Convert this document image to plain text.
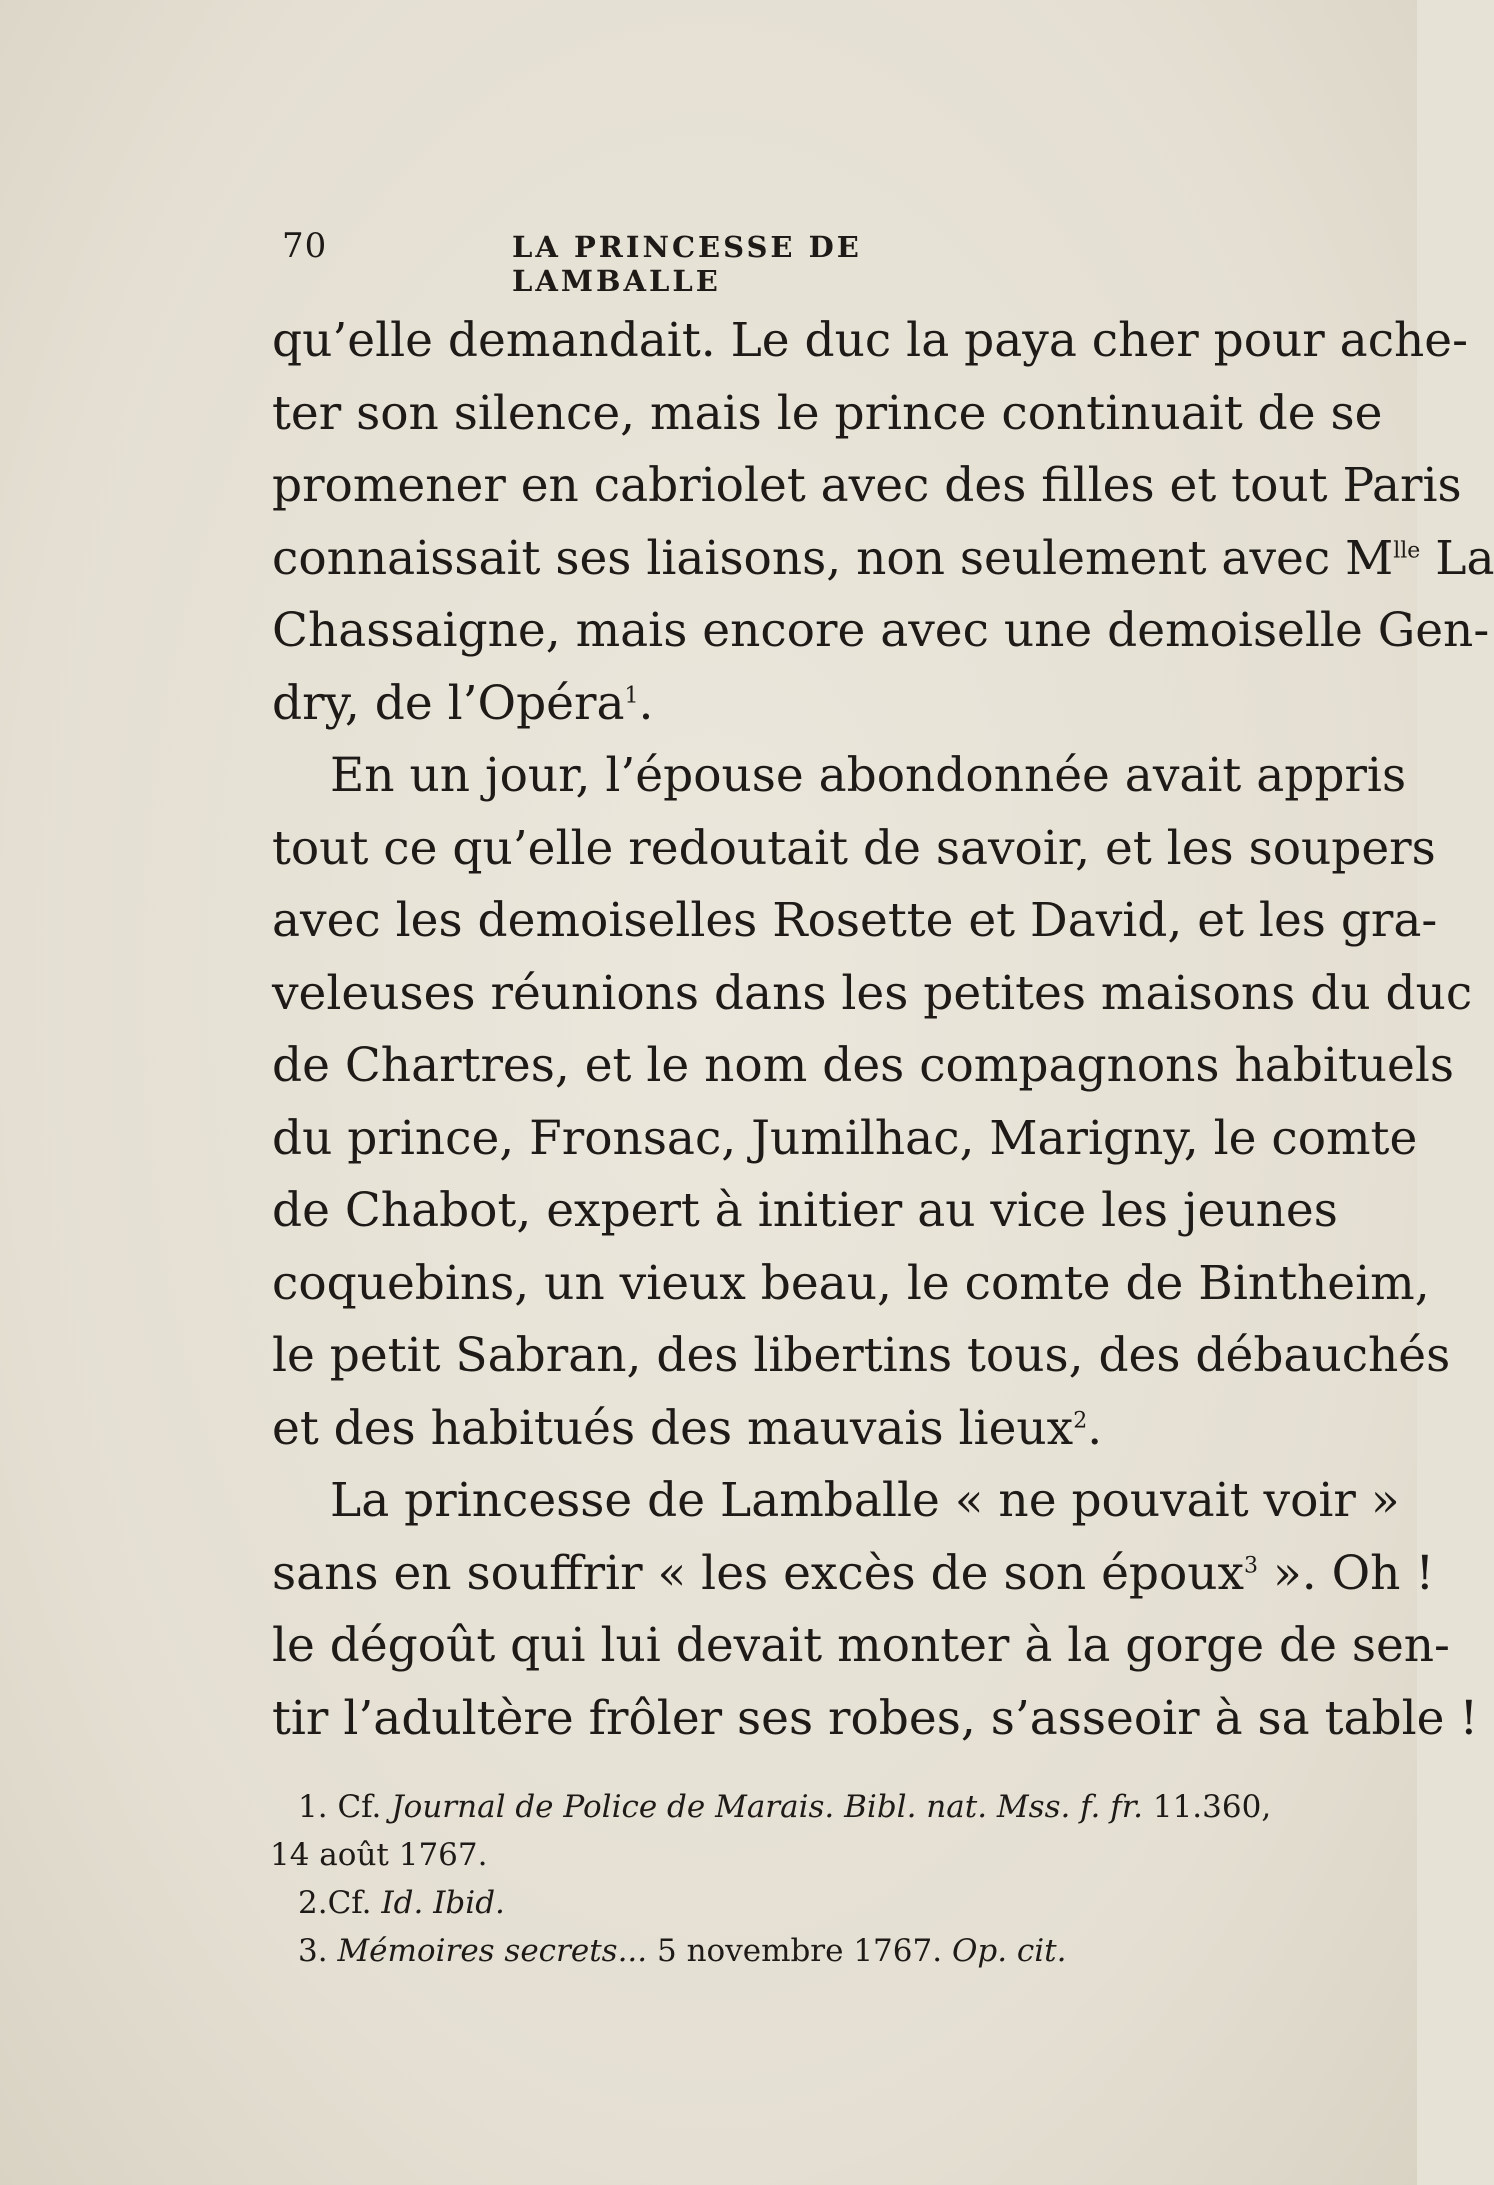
70	LA PRINCESSE DE LAMBALLE
qu’elle demandait. Le duc la paya cher pour ache-
ter son silence, mais le prince continuait de se
promener en cabriolet avec des filles et tout Paris
connaissait ses liaisons, non seulement avec $M^{lle}$ La
Chassaigne, mais encore avec une demoiselle Gen-
dry, de l’Opéra$^1$.
En un jour, l’épouse abondonnée avait appris
tout ce qu’elle redoutait de savoir, et les soupers
avec les demoiselles Rosette et David, et les gra-
veleuses réunions dans les petites maisons du duc
de Chartres, et le nom des compagnons habituels
du prince, Fronsac, Jumilhac, Marigny, le comte
de Chabot, expert à initier au vice les jeunes
coquebins, un vieux beau, le comte de Bintheim,
le petit Sabran, des libertins tous, des débauchés
et des habitués des mauvais lieux$^2$.
La princesse de Lamballe « ne pouvait voir »
sans en souffrir « les excès de son époux$^3$ ». Oh !
le dégoût qui lui devait monter à la gorge de sen-
tir l’adultère frôler ses robes, s’asseoir à sa table !
1. Cf. Journal de Police de Marais. Bibl. nat. Mss. f. fr. 11.360,
14 août 1767.
2.Cf. Id. Ibid.
3. Mémoires secrets... 5 novembre 1767. Op. cit.
